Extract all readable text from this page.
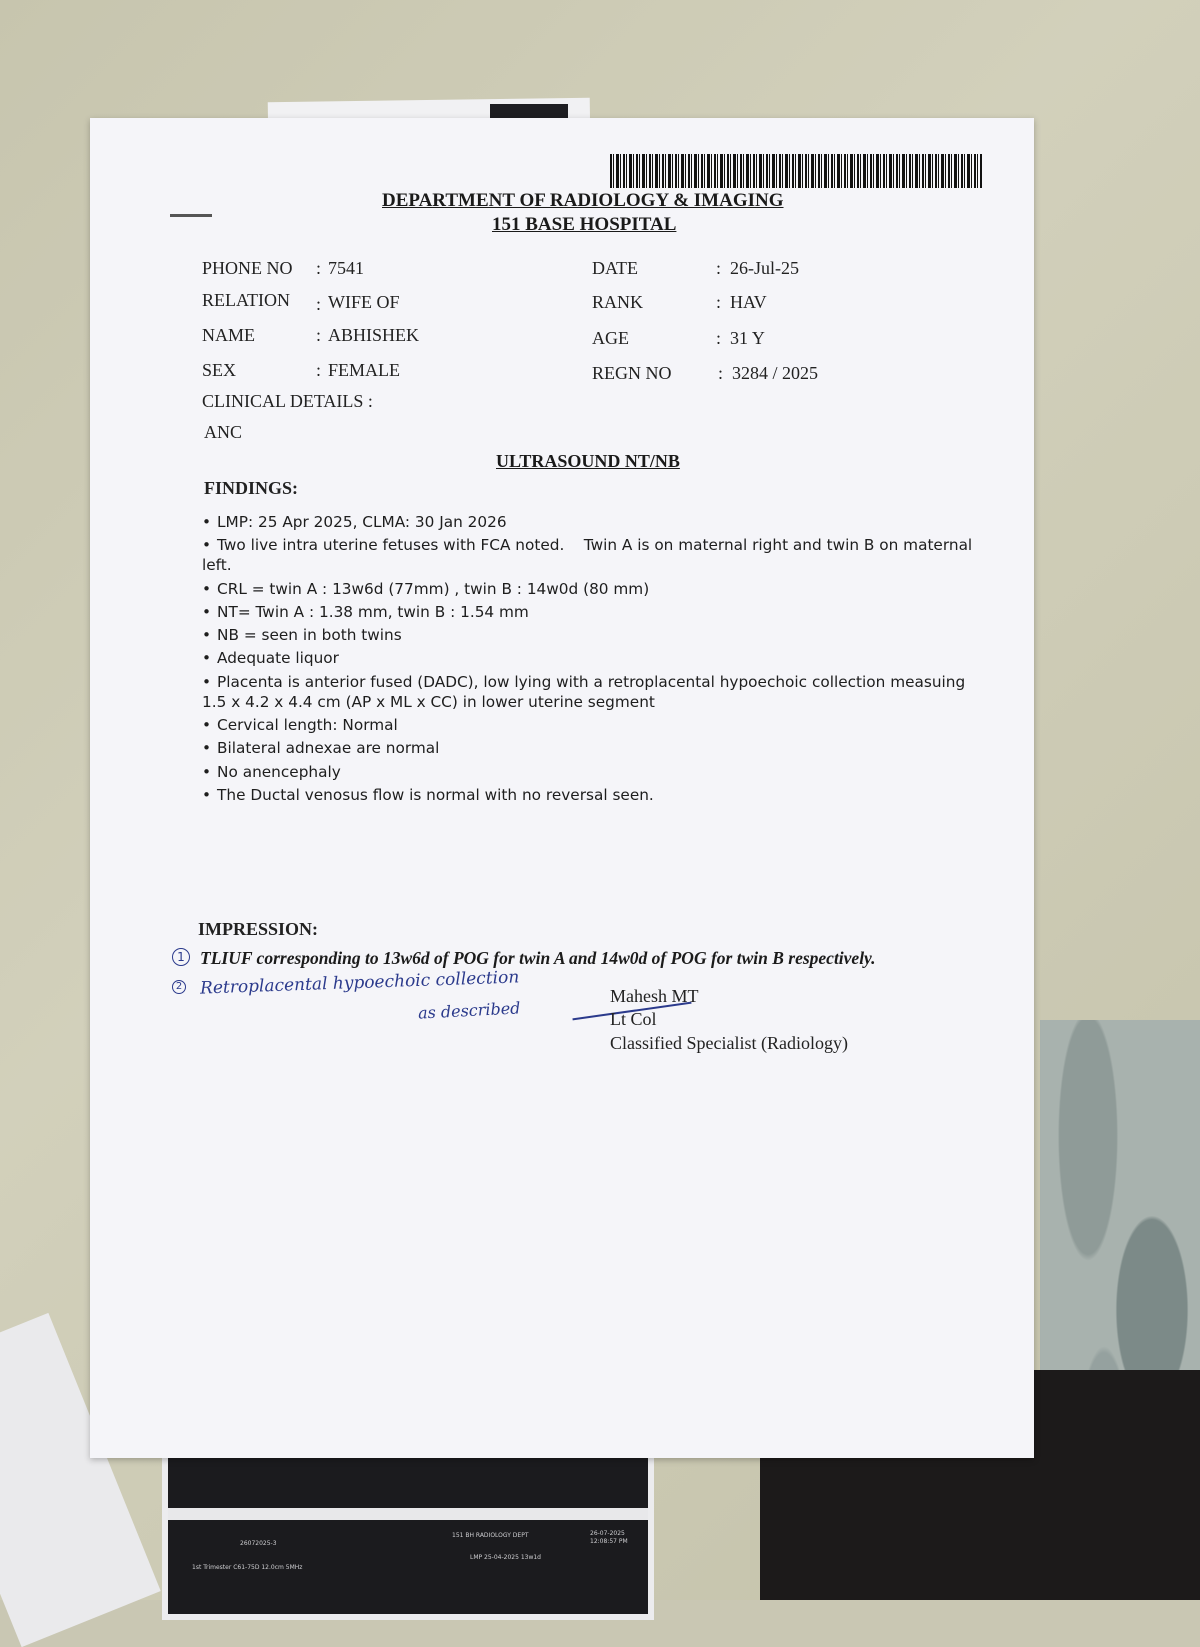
26072025-3
151 BH RADIOLOGY DEPT	26-07-2025
12:08:57 PM
1st Trimester C61-75D 12.0cm 5MHz
LMP 25-04-2025 13w1d
DEPARTMENT OF RADIOLOGY & IMAGING
151 BASE HOSPITAL
PHONE NO : 7541
RELATION : WIFE OF
NAME	: ABHISHEK
SEX	: FEMALE
DATE	: 26-Jul-25
RANK	: HAV
AGE	: 31 Y
REGN NO	: 3284 / 2025
CLINICAL DETAILS :
ANC
ULTRASOUND NT/NB
FINDINGS:
• LMP: 25 Apr 2025, CLMA: 30 Jan 2026
• Two live intra uterine fetuses with FCA noted.    Twin A is on maternal right and twin B on maternal left.
• CRL = twin A : 13w6d (77mm) , twin B : 14w0d (80 mm)
• NT= Twin A : 1.38 mm, twin B : 1.54 mm
• NB = seen in both twins
• Adequate liquor
• Placenta is anterior fused (DADC), low lying with a retroplacental hypoechoic collection measuing 1.5 x 4.2 x 4.4 cm (AP x ML x CC) in lower uterine segment
• Cervical length: Normal
• Bilateral adnexae are normal
• No anencephaly
• The Ductal venosus flow is normal with no reversal seen.
IMPRESSION:
1 TLIUF corresponding to 13w6d of POG for twin A and 14w0d of POG for twin B respectively.
2 Retroplacental hypoechoic collection
as described
Mahesh MT
Lt Col
Classified Specialist (Radiology)
